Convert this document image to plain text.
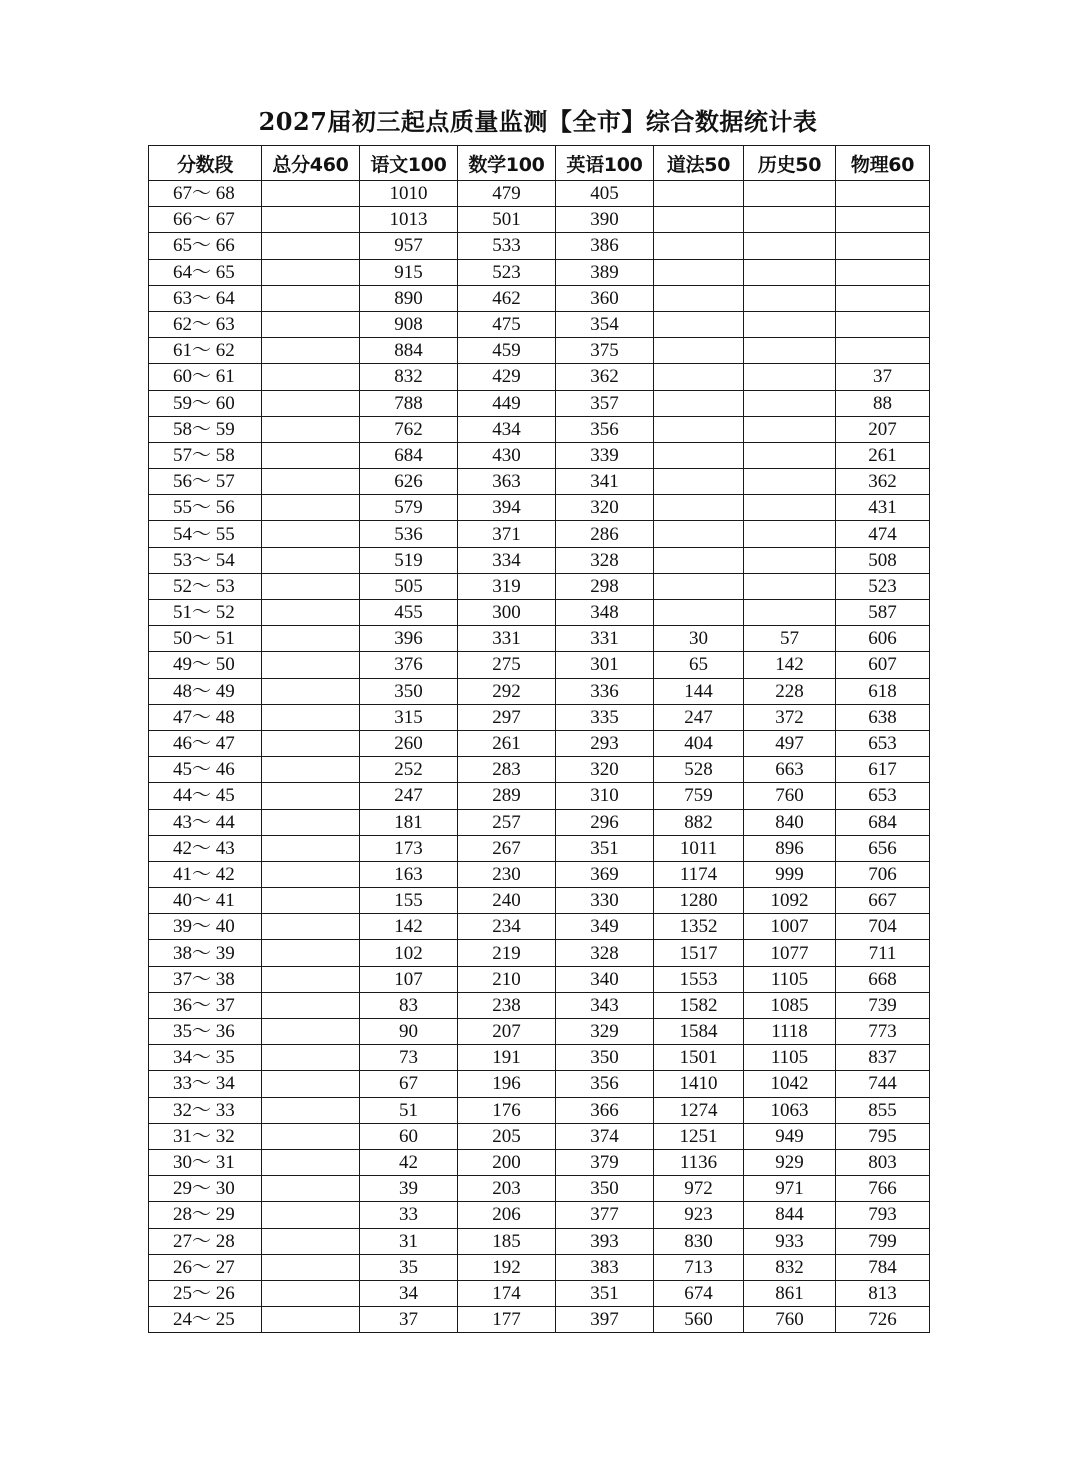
2027届初三起点质量监测【全市】综合数据统计表
分数段	总分460	语文100	数学100	英语100	道法50	历史50	物理60
67～ 68		1010	479	405			
66～ 67		1013	501	390			
65～ 66		957	533	386			
64～ 65		915	523	389			
63～ 64		890	462	360			
62～ 63		908	475	354			
61～ 62		884	459	375			
60～ 61		832	429	362			37
59～ 60		788	449	357			88
58～ 59		762	434	356			207
57～ 58		684	430	339			261
56～ 57		626	363	341			362
55～ 56		579	394	320			431
54～ 55		536	371	286			474
53～ 54		519	334	328			508
52～ 53		505	319	298			523
51～ 52		455	300	348			587
50～ 51		396	331	331	30	57	606
49～ 50		376	275	301	65	142	607
48～ 49		350	292	336	144	228	618
47～ 48		315	297	335	247	372	638
46～ 47		260	261	293	404	497	653
45～ 46		252	283	320	528	663	617
44～ 45		247	289	310	759	760	653
43～ 44		181	257	296	882	840	684
42～ 43		173	267	351	1011	896	656
41～ 42		163	230	369	1174	999	706
40～ 41		155	240	330	1280	1092	667
39～ 40		142	234	349	1352	1007	704
38～ 39		102	219	328	1517	1077	711
37～ 38		107	210	340	1553	1105	668
36～ 37		83	238	343	1582	1085	739
35～ 36		90	207	329	1584	1118	773
34～ 35		73	191	350	1501	1105	837
33～ 34		67	196	356	1410	1042	744
32～ 33		51	176	366	1274	1063	855
31～ 32		60	205	374	1251	949	795
30～ 31		42	200	379	1136	929	803
29～ 30		39	203	350	972	971	766
28～ 29		33	206	377	923	844	793
27～ 28		31	185	393	830	933	799
26～ 27		35	192	383	713	832	784
25～ 26		34	174	351	674	861	813
24～ 25		37	177	397	560	760	726
